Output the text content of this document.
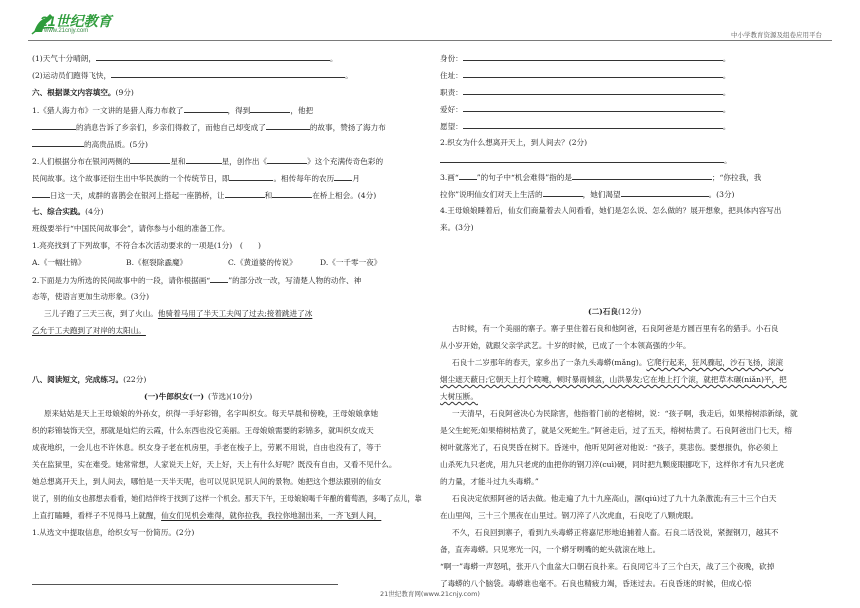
21世纪教育
www.21cnjy.com	中小学教育资源及组卷应用平台
(1)天气十分晴朗，	。
(2)运动员们跑得飞快，	。
六、根据课文内容填空。(9分)
1.《猎人海力布》一文讲的是猎人海力布救了	，得到	，他把
的消息告诉了乡亲们，乡亲们得救了，而他自己却变成了	的故事，赞扬了海力布
的高贵品质。(5分)
2.人们根据分布在银河两侧的	星和	星，创作出《	》这个充满传奇色彩的
民间故事。这个故事还衍生出中华民族的一个传统节日，即	。相传每年的农历 月
日这一天，成群的喜鹊会在银河上搭起一座鹊桥，让	和	在桥上相会。(4分)
七、综合实践。(4分)
班级要举行“中国民间故事会”，请你参与小组的准备工作。
1.亮亮找到了下列故事，不符合本次活动要求的一项是(1分)　(　　)
A.《一幅壮锦》	B.《枢裂除蟊魔》	C.《黄道婆的传说》	D.《一千零一夜》
2.下面是力为所选的民间故事中的一段，请你根据画“ ”的部分改一改，写清楚人物的动作、神
态等，使语言更加生动形象。(3分)
三儿子跑了三天三夜，到了火山。他骑着马用了半天工夫闯了过去;接着跳进了冰
乙允于工夫跑到了对岸的太阳山。
八、阅读短文，完成练习。(22分)
(一)牛郎织女(一) (节选)(10分)
原来姑姑是天上王母娘娘的外孙女，织得一手好彩锦，名字叫织女。每天早晨和傍晚，王母娘娘拿她
织的彩锦装饰天空，那就是灿烂的云霞，什么东西也没它美丽。王母娘娘需要的彩锦多，就叫织女成天
成夜地织，一会儿也不许休息。织女身子老在机房里，手老在梭子上，劳累不用说，自由也没有了，等于
关在监狱里，实在难受。她常常想，人家说天上好，天上好，天上有什么好呢？既没有自由，又看不见什么。
她总想离开天上，到人间去，哪怕是一天半天呢，也可以见识见识人间的景物。她把这个想法跟别的仙女
说了，别的仙女也都想去看看，她们结伴终于找到了这样一个机会。那天下午，王母娘娘喝千年酿的葡萄酒，多喝了点儿，靠
上直打瞌睡，看样子不见得马上就醒，仙女们见机会难得，就你拉我，我拉你地溜出来，一齐飞到人间，
1.从选文中提取信息，给织女写一份简历。(2分)
身份：	。
住址：	。
职责：	。
爱好：	。
愿望：	。
2.织女为什么想离开天上，到人间去？(2分)
。
3.画“ ”的句子中“机会难得”指的是	；“你拉我，我
拉你”说明仙女们对天上生活的	，她们渴望	。(3分)
4.王母娘娘睡着后，仙女们商量着去人间看看，她们是怎么说、怎么做的？展开想象，把具体内容写出
来。(3分)
(二)石良(12分)
古时候，有一个美丽的寨子。寨子里住着石良和他阿爸，石良阿爸是方圆百里有名的猎手。小石良
从小岁开始，就跟父亲学武艺。十岁的时候，已成了一个本领高强的少年。
石良十二岁那年的春天，家乡出了一条九头毒蟒(mǎng)。它爬行起来，狂风骤起，沙石飞扬，滚滚
烟尘遮天蔽日;它朝天上打个喷嚏，顿时暴雨倾盆，山洪暴发;它在地上打个滚，就把草木碾(niǎn)平，把
大树压断。
一天清早，石良阿爸决心为民除害，他指着门前的老榕树，说：“孩子啊，我走后，如果榕树添新绿，就
是父生蛇死;如果榕树枯黄了，就是父死蛇生。”阿爸走后，过了五天，榕树枯黄了。石良阿爸出门七天，榕
树叶就落光了，石良哭昏在树下。昏迷中，他听见阿爸对他说：“孩子，莫悲伤。要想报仇，你必须上
山杀死九只老虎，用九只老虎的血把你的钢刀淬(cuì)硬，同时把九颗庞眼挪吃下，这样你才有九只老虎
的力量，才能斗过九头毒蟒。”
石良决定依照阿爸的话去做。他走遍了九十九座高山，涸(qiú)过了九十九条激流;有三十三个白天
在山里闯，三十三个黑夜在山里过。钢刀淬了八次虎血，石良吃了八颗虎眼。
不久，石良回到寨子，看到九头毒蟒正将嘉尼形地追捕着人畜。石良二话没说，紧握钢刀，越其不
备，直奔毒蟒。只见寒光一闪，一个蟒牙咧嘴的蛇头就滚在地上。
“啊一”毒蟒一声怒吼，张开八个血盆大口朝石良扑来。石良同它斗了三个白天，战了三个夜晚，砍掉
了毒蟒的八个脑袋。毒蟒谁也毫不。石良也精疲力竭，昏迷过去。石良昏迷的时候，但成心惊
21世纪教育网(www.21cnjy.com)
